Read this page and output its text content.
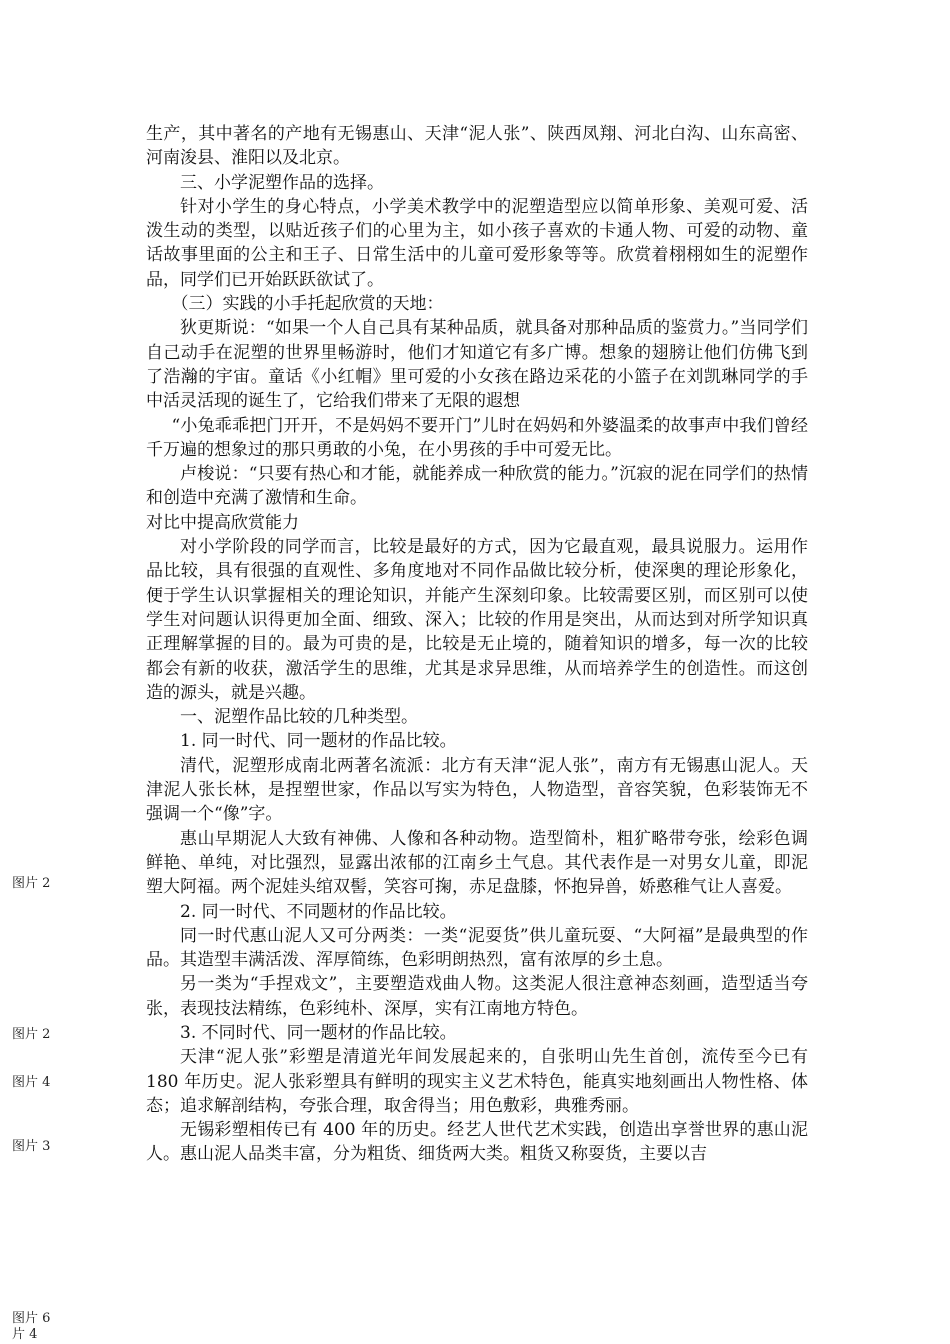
生产，其中著名的产地有无锡惠山、天津“泥人张”、陕西凤翔、河北白沟、山东高密、河南浚县、淮阳以及北京。

三、小学泥塑作品的选择。

针对小学生的身心特点，小学美术教学中的泥塑造型应以简单形象、美观可爱、活泼生动的类型，以贴近孩子们的心里为主，如小孩子喜欢的卡通人物、可爱的动物、童话故事里面的公主和王子、日常生活中的儿童可爱形象等等。欣赏着栩栩如生的泥塑作品，同学们已开始跃跃欲试了。

（三）实践的小手托起欣赏的天地：

狄更斯说：“如果一个人自己具有某种品质，就具备对那种品质的鉴赏力。”当同学们自己动手在泥塑的世界里畅游时，他们才知道它有多广博。想象的翅膀让他们仿佛飞到了浩瀚的宇宙。童话《小红帽》里可爱的小女孩在路边采花的小篮子在刘凯琳同学的手中活灵活现的诞生了，它给我们带来了无限的遐想

“小兔乖乖把门开开，不是妈妈不要开门”儿时在妈妈和外婆温柔的故事声中我们曾经千万遍的想象过的那只勇敢的小兔，在小男孩的手中可爱无比。

卢梭说：“只要有热心和才能，就能养成一种欣赏的能力。”沉寂的泥在同学们的热情和创造中充满了激情和生命。

对比中提高欣赏能力

对小学阶段的同学而言，比较是最好的方式，因为它最直观，最具说服力。运用作品比较，具有很强的直观性、多角度地对不同作品做比较分析，使深奥的理论形象化，便于学生认识掌握相关的理论知识，并能产生深刻印象。比较需要区别，而区别可以使学生对问题认识得更加全面、细致、深入；比较的作用是突出，从而达到对所学知识真正理解掌握的目的。最为可贵的是，比较是无止境的，随着知识的增多，每一次的比较都会有新的收获，激活学生的思维，尤其是求异思维，从而培养学生的创造性。而这创造的源头，就是兴趣。

一、泥塑作品比较的几种类型。

1. 同一时代、同一题材的作品比较。

清代，泥塑形成南北两著名流派：北方有天津“泥人张”，南方有无锡惠山泥人。天津泥人张长林，是捏塑世家，作品以写实为特色，人物造型，音容笑貌，色彩装饰无不强调一个“像”字。

惠山早期泥人大致有神佛、人像和各种动物。造型简朴，粗犷略带夸张，绘彩色调鲜艳、单纯，对比强烈，显露出浓郁的江南乡土气息。其代表作是一对男女儿童，即泥塑大阿福。两个泥娃头绾双髻，笑容可掬，赤足盘膝，怀抱异兽，娇憨稚气让人喜爱。

2. 同一时代、不同题材的作品比较。

同一时代惠山泥人又可分两类：一类“泥耍货”供儿童玩耍、“大阿福”是最典型的作品。其造型丰满活泼、浑厚简练，色彩明朗热烈，富有浓厚的乡土息。

另一类为“手捏戏文”，主要塑造戏曲人物。这类泥人很注意神态刻画，造型适当夸张，表现技法精练，色彩纯朴、深厚，实有江南地方特色。

3. 不同时代、同一题材的作品比较。

天津“泥人张”彩塑是清道光年间发展起来的，自张明山先生首创，流传至今已有 180 年历史。泥人张彩塑具有鲜明的现实主义艺术特色，能真实地刻画出人物性格、体态；追求解剖结构，夸张合理，取舍得当；用色敷彩，典雅秀丽。

无锡彩塑相传已有 400 年的历史。经艺人世代艺术实践，创造出享誉世界的惠山泥人。惠山泥人品类丰富，分为粗货、细货两大类。粗货又称耍货，主要以吉

图片 2
图片 2
图片 4
图片 3
图片 6
片 4
